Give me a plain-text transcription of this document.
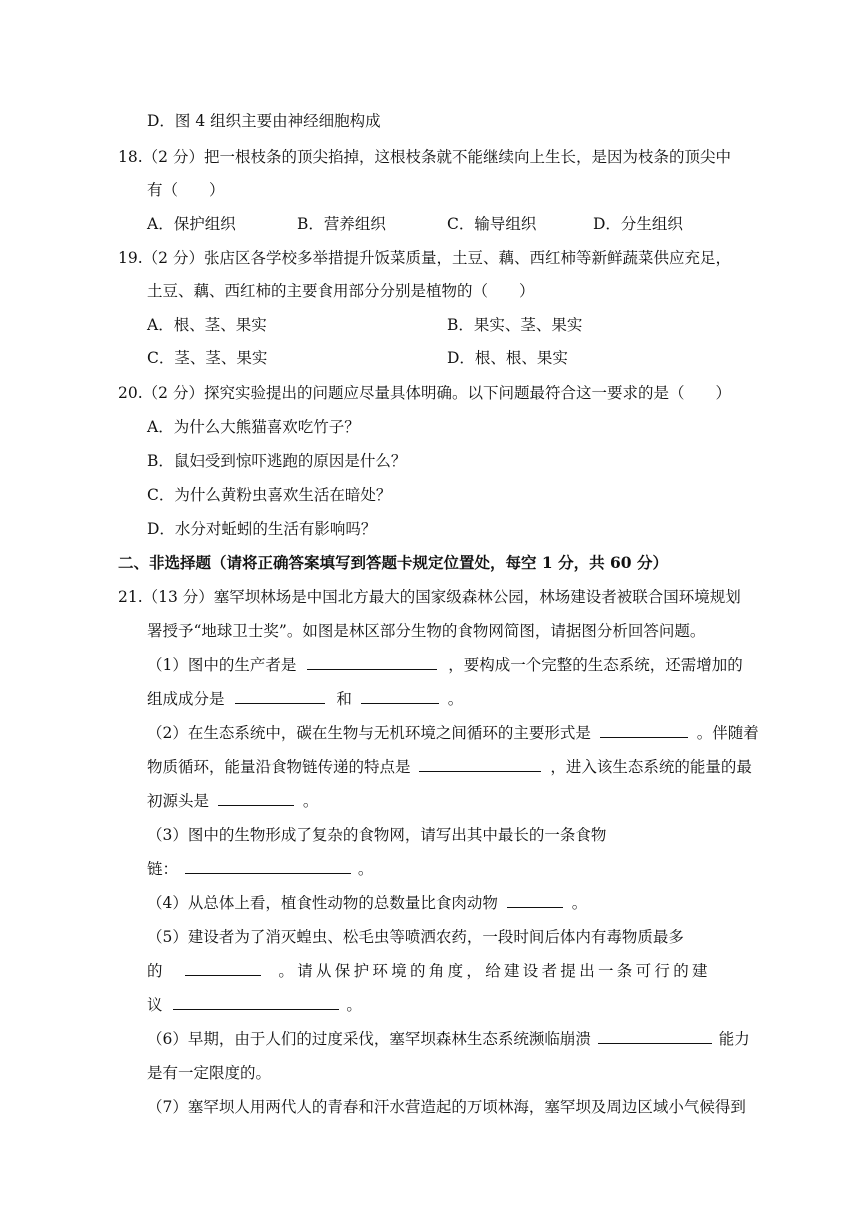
D．图 4 组织主要由神经细胞构成
18.（2 分）把一根枝条的顶尖掐掉，这根枝条就不能继续向上生长，是因为枝条的顶尖中
有（　　）
A．保护组织	B．营养组织	C．输导组织	D．分生组织
19.（2 分）张店区各学校多举措提升饭菜质量，土豆、藕、西红柿等新鲜蔬菜供应充足，
土豆、藕、西红柿的主要食用部分分别是植物的（　　）
A．根、茎、果实	B．果实、茎、果实
C．茎、茎、果实	D．根、根、果实
20.（2 分）探究实验提出的问题应尽量具体明确。以下问题最符合这一要求的是（　　）
A．为什么大熊猫喜欢吃竹子？
B．鼠妇受到惊吓逃跑的原因是什么？
C．为什么黄粉虫喜欢生活在暗处？
D．水分对蚯蚓的生活有影响吗？
二、非选择题（请将正确答案填写到答题卡规定位置处，每空 1 分，共 60 分）
21.（13 分）塞罕坝林场是中国北方最大的国家级森林公园，林场建设者被联合国环境规划
署授予“地球卫士奖”。如图是林区部分生物的食物网简图，请据图分析回答问题。
（1）图中的生产者是	，要构成一个完整的生态系统，还需增加的
组成成分是	和	。
（2）在生态系统中，碳在生物与无机环境之间循环的主要形式是	。伴随着
物质循环，能量沿食物链传递的特点是	，进入该生态系统的能量的最
初源头是	。
（3）图中的生物形成了复杂的食物网，请写出其中最长的一条食物
链：	。
（4）从总体上看，植食性动物的总数量比食肉动物	。
（5）建设者为了消灭蝗虫、松毛虫等喷洒农药，一段时间后体内有毒物质最多
的	。请从保护环境的角度，给建设者提出一条可行的建
议	。
（6）早期，由于人们的过度采伐，塞罕坝森林生态系统濒临崩溃	能力
是有一定限度的。
（7）塞罕坝人用两代人的青春和汗水营造起的万顷林海，塞罕坝及周边区域小气候得到
